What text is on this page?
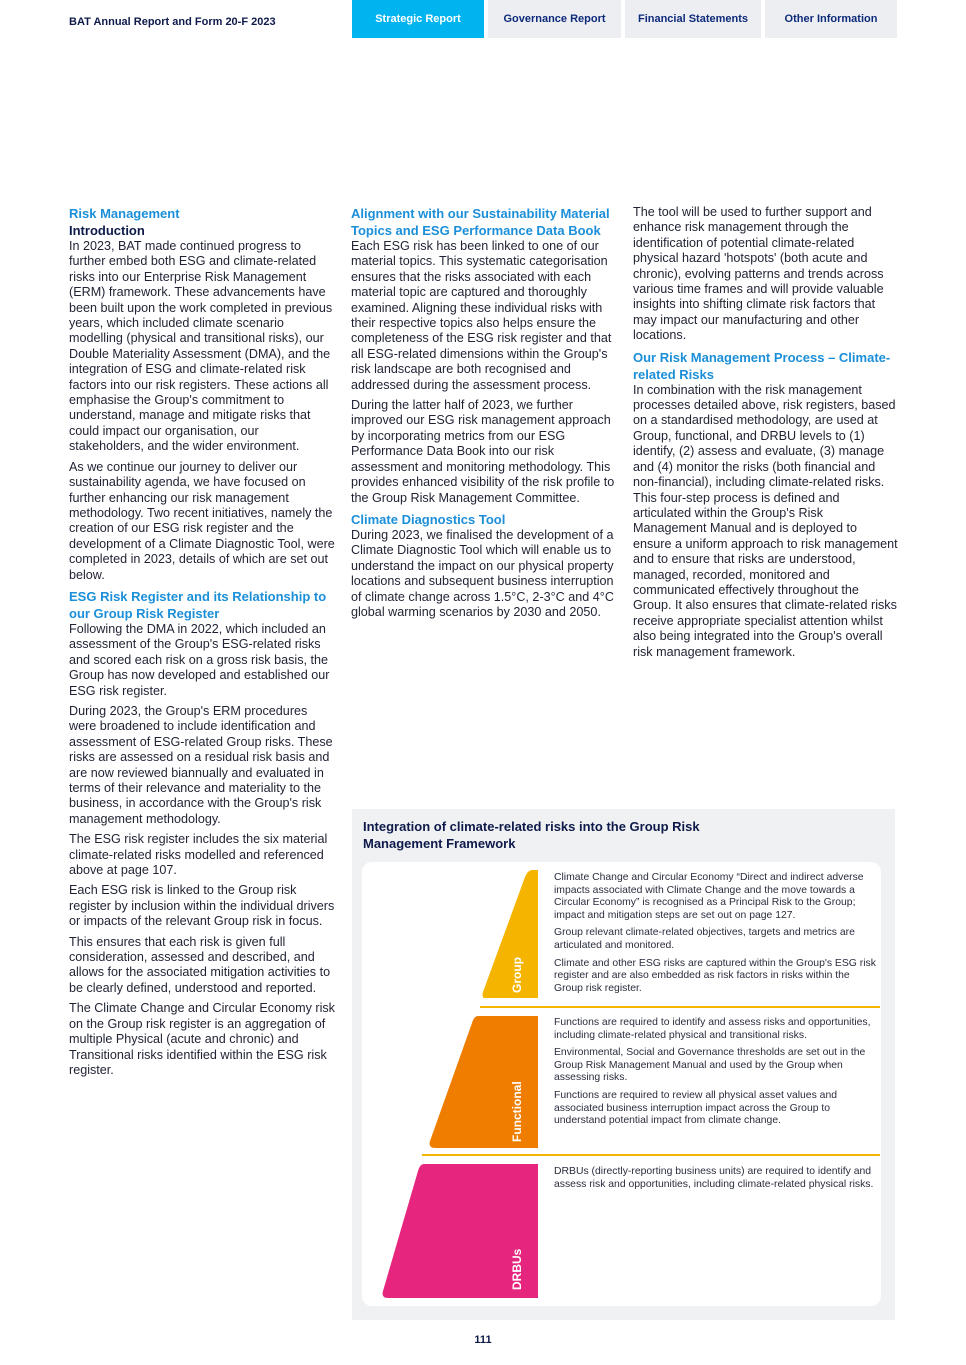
BAT Annual Report and Form 20-F 2023	Strategic Report	Governance Report	Financial Statements	Other Information
Risk Management
Introduction

In 2023, BAT made continued progress to further embed both ESG and climate-related risks into our Enterprise Risk Management (ERM) framework. These advancements have been built upon the work completed in previous years, which included climate scenario modelling (physical and transitional risks), our Double Materiality Assessment (DMA), and the integration of ESG and climate-related risk factors into our risk registers. These actions all emphasise the Group's commitment to understand, manage and mitigate risks that could impact our organisation, our stakeholders, and the wider environment.

As we continue our journey to deliver our sustainability agenda, we have focused on further enhancing our risk management methodology. Two recent initiatives, namely the creation of our ESG risk register and the development of a Climate Diagnostic Tool, were completed in 2023, details of which are set out below.

ESG Risk Register and its Relationship to our Group Risk Register

Following the DMA in 2022, which included an assessment of the Group's ESG-related risks and scored each risk on a gross risk basis, the Group has now developed and established our ESG risk register.

During 2023, the Group's ERM procedures were broadened to include identification and assessment of ESG-related Group risks. These risks are assessed on a residual risk basis and are now reviewed biannually and evaluated in terms of their relevance and materiality to the business, in accordance with the Group's risk management methodology.

The ESG risk register includes the six material climate-related risks modelled and referenced above at page 107.

Each ESG risk is linked to the Group risk register by inclusion within the individual drivers or impacts of the relevant Group risk in focus.

This ensures that each risk is given full consideration, assessed and described, and allows for the associated mitigation activities to be clearly defined, understood and reported.

The Climate Change and Circular Economy risk on the Group risk register is an aggregation of multiple Physical (acute and chronic) and Transitional risks identified within the ESG risk register.

Alignment with our Sustainability Material Topics and ESG Performance Data Book

Each ESG risk has been linked to one of our material topics. This systematic categorisation ensures that the risks associated with each material topic are captured and thoroughly examined. Aligning these individual risks with their respective topics also helps ensure the completeness of the ESG risk register and that all ESG-related dimensions within the Group's risk landscape are both recognised and addressed during the assessment process.

During the latter half of 2023, we further improved our ESG risk management approach by incorporating metrics from our ESG Performance Data Book into our risk assessment and monitoring methodology. This provides enhanced visibility of the risk profile to the Group Risk Management Committee.

Climate Diagnostics Tool

During 2023, we finalised the development of a Climate Diagnostic Tool which will enable us to understand the impact on our physical property locations and subsequent business interruption of climate change across 1.5°C, 2-3°C and 4°C global warming scenarios by 2030 and 2050.

The tool will be used to further support and enhance risk management through the identification of potential climate-related physical hazard 'hotspots' (both acute and chronic), evolving patterns and trends across various time frames and will provide valuable insights into shifting climate risk factors that may impact our manufacturing and other locations.

Our Risk Management Process – Climate-related Risks

In combination with the risk management processes detailed above, risk registers, based on a standardised methodology, are used at Group, functional, and DRBU levels to (1) identify, (2) assess and evaluate, (3) manage and (4) monitor the risks (both financial and non-financial), including climate-related risks. This four-step process is defined and articulated within the Group's Risk Management Manual and is deployed to ensure a uniform approach to risk management and to ensure that risks are understood, managed, recorded, monitored and communicated effectively throughout the Group. It also ensures that climate-related risks receive appropriate specialist attention whilst also being integrated into the Group's overall risk management framework.

Integration of climate-related risks into the Group Risk Management Framework
Group
Functional
DRBUs

Climate Change and Circular Economy “Direct and indirect adverse impacts associated with Climate Change and the move towards a Circular Economy” is recognised as a Principal Risk to the Group; impact and mitigation steps are set out on page 127.

Group relevant climate-related objectives, targets and metrics are articulated and monitored.

Climate and other ESG risks are captured within the Group's ESG risk register and are also embedded as risk factors in risks within the Group risk register.

Functions are required to identify and assess risks and opportunities, including climate-related physical and transitional risks.

Environmental, Social and Governance thresholds are set out in the Group Risk Management Manual and used by the Group when assessing risks.

Functions are required to review all physical asset values and associated business interruption impact across the Group to understand potential impact from climate change.

DRBUs (directly-reporting business units) are required to identify and assess risk and opportunities, including climate-related physical risks.

111
